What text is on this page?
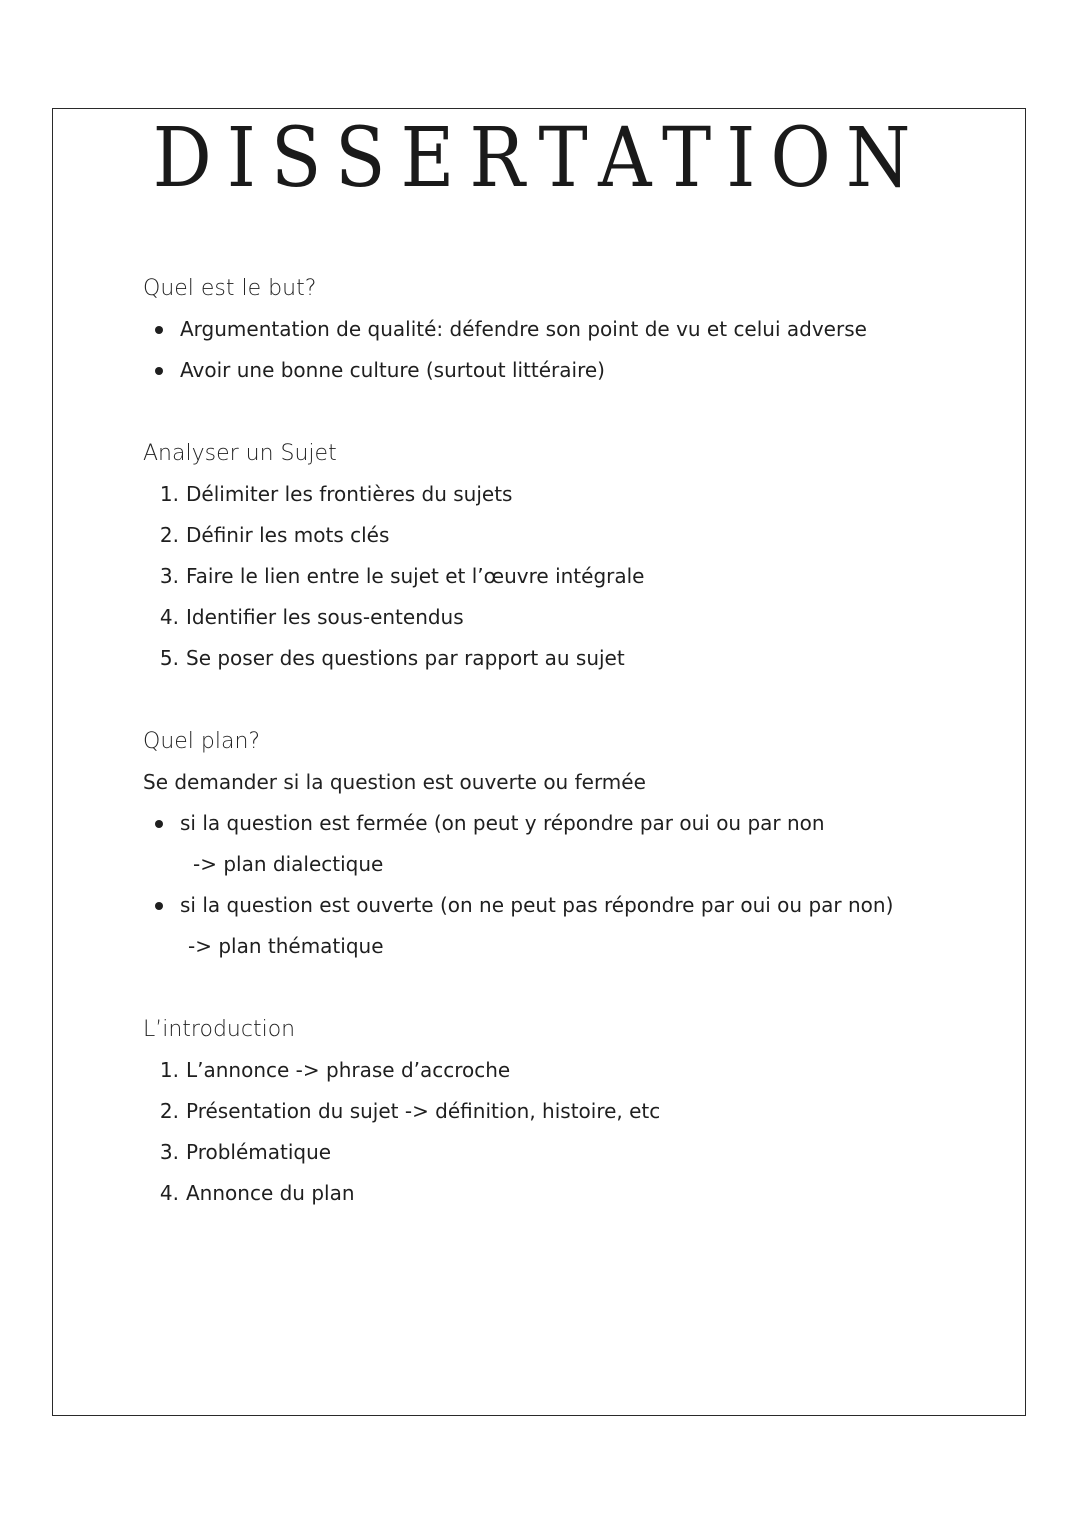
DISSERTATION
Quel est le but?
Argumentation de qualité: défendre son point de vu et celui adverse
Avoir une bonne culture (surtout littéraire)
Analyser un Sujet
1. Délimiter les frontières du sujets
2. Définir les mots clés
3. Faire le lien entre le sujet et l’œuvre intégrale
4. Identifier les sous-entendus
5. Se poser des questions par rapport au sujet
Quel plan?
Se demander si la question est ouverte ou fermée
si la question est fermée (on peut y répondre par oui ou par non
-> plan dialectique
si la question est ouverte (on ne peut pas répondre par oui ou par non)
-> plan thématique
L’introduction
1. L’annonce -> phrase d’accroche
2. Présentation du sujet -> définition, histoire, etc
3. Problématique
4. Annonce du plan
